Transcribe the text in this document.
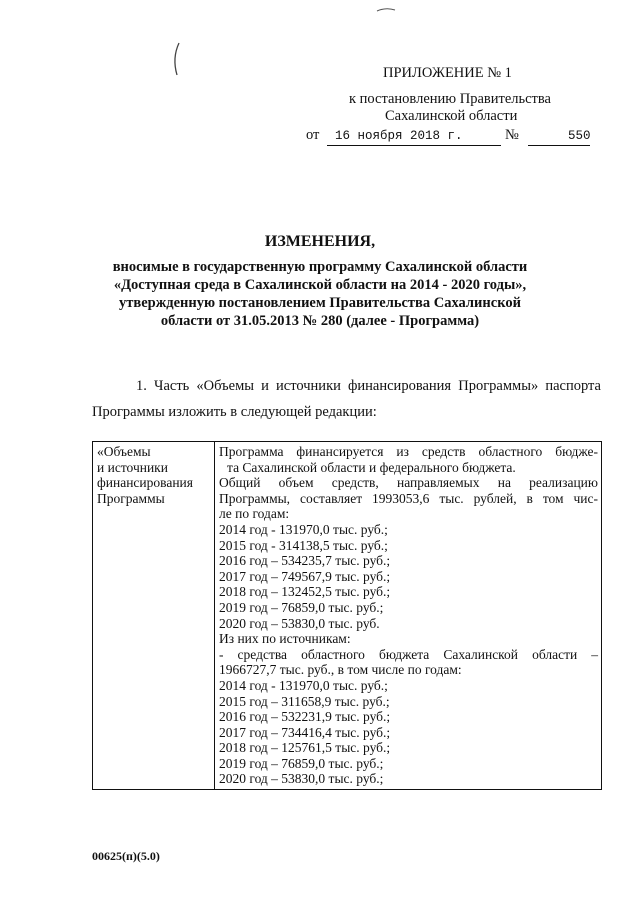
ПРИЛОЖЕНИЕ № 1
к постановлению Правительства
Сахалинской области
от 16 ноября 2018 г.	№	550
ИЗМЕНЕНИЯ,
вносимые в государственную программу Сахалинской области
«Доступная среда в Сахалинской области на 2014 - 2020 годы»,
утвержденную постановлением Правительства Сахалинской
области от 31.05.2013 № 280 (далее - Программа)
1. Часть «Объемы и источники финансирования Программы» паспорта
Программы изложить в следующей редакции:
«Объемы
и источники
финансирования
Программы

Программа финансируется из средств областного бюдже-
та Сахалинской области и федерального бюджета.
Общий объем средств, направляемых на реализацию
Программы, составляет 1993053,6 тыс. рублей, в том чис-
ле по годам:
2014 год - 131970,0 тыс. руб.;
2015 год - 314138,5 тыс. руб.;
2016 год – 534235,7 тыс. руб.;
2017 год – 749567,9 тыс. руб.;
2018 год – 132452,5 тыс. руб.;
2019 год – 76859,0 тыс. руб.;
2020 год – 53830,0 тыс. руб.
Из них по источникам:
- средства областного бюджета Сахалинской области –
1966727,7 тыс. руб., в том числе по годам:
2014 год - 131970,0 тыс. руб.;
2015 год – 311658,9 тыс. руб.;
2016 год – 532231,9 тыс. руб.;
2017 год – 734416,4 тыс. руб.;
2018 год – 125761,5 тыс. руб.;
2019 год – 76859,0 тыс. руб.;
2020 год – 53830,0 тыс. руб.;
00625(п)(5.0)
